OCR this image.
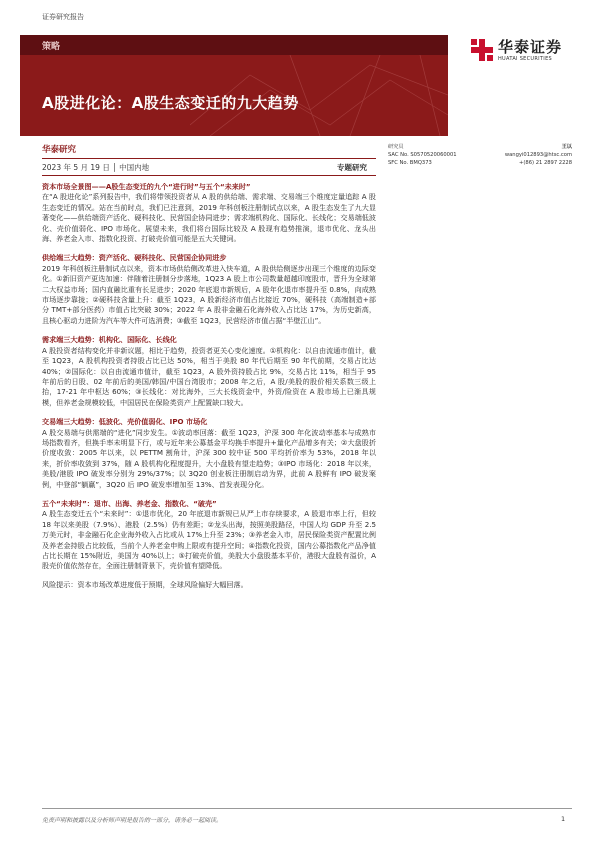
证券研究报告
华泰证券
HUATAI SECURITIES
策略
A股进化论：A股生态变迁的九大趋势
华泰研究
2023 年 5 月 19 日 │ 中国内地	专题研究
研究员	王以
SAC No. S0570520060001	wangyi012893@htsc.com
SFC No. BMQ373	+(86) 21 2897 2228

资本市场全景图——A股生态变迁的九个“进行时”与五个“未来时”

在“A 股进化论”系列报告中，我们将带领投资者从 A 股的供给端、需求端、交易端三个维度定量追踪 A 股生态变迁的情况。站在当前时点，我们已注意到，2019 年科创板注册制试点以来，A 股生态发生了九大显著变化——供给端资产活化、硬科技化、民营国企协同进步；需求端机构化、国际化、长线化；交易端低波化、壳价值弱化、IPO 市场化。展望未来，我们将台国际比较及 A 股现有趋势推演，退市优化、龙头出海、养老金入市、指数化投资、打破壳价值可能是五大关键词。

供给端三大趋势：资产活化、硬科技化、民营国企协同进步

2019 年科创板注册制试点以来，资本市场供给侧改革进入快车道，A 股供给侧逐步出现三个维度的边际变化。①新旧资产更迭加速：伴随着注册制分步落地，1Q23 A 股上市公司数量超越印度股市，晋升为全球第二大权益市场；国内直融比重有长足进步；2020 年底退市新规后，A 股年化退市率提升至 0.8%，向成熟市场逐步靠拢；②硬科技含量上升：截至 1Q23，A 股新经济市值占比接近 70%，硬科技（高端制造+部分 TMT+部分医药）市值占比突破 30%；2022 年 A 股非金融石化海外收入占比达 17%，为历史新高，且核心驱动力进阶为汽车等大件可选消费；③截至 1Q23，民营经济市值占据“半壁江山”。

需求端三大趋势：机构化、国际化、长线化

A 股投资者结构变化并非新议题，相比于趋势，投资者更关心变化速度。①机构化：以自由流通市值计，截至 1Q23，A 股机构投资者持股占比已达 50%，相当于美股 80 年代后期至 90 年代前期，交易占比达 40%；②国际化：以自由流通市值计，截至 1Q23，A 股外资持股占比 9%，交易占比 11%，相当于 95 年前后的日股、02 年前后的美国/韩国/中国台湾股市；2008 年之后，A 股/美股的股价相关系数三级上抬，17-21 年中枢达 60%；③长线化：对比海外，三大长线资金中，外资/险资在 A 股市场上已渐具规模，但养老金规模较低，中国居民在保险类资产上配置缺口较大。

交易端三大趋势：低波化、壳价值弱化、IPO 市场化

A 股交易端与供需端的“进化”同步发生。①波动率回落：截至 1Q23，沪深 300 年化波动率基本与成熟市场指数看齐，但换手率未明显下行，或与近年来公募基金平均换手率提升+量化产品增多有关；②大盘股折价度收敛：2005 年以来，以 PETTM 割角计，沪深 300 较中证 500 平均折价率为 53%，2018 年以来，折价率收敛到 37%，随 A 股机构化程度提升，大小盘股有望走趋势；③IPO 市场化：2018 年以来，美股/港股 IPO 破发率分别为 29%/37%；以 3Q20 创业板注册制启动为界，此前 A 股鲜有 IPO 破发案例，中登部“躺赢”，3Q20 后 IPO 破发率增加至 13%、首发表现分化。

五个“未来时”：退市、出海、养老金、指数化、“破壳”

A 股生态变迁五个“未来时”：①退市优化，20 年底退市新规已从严上市存续要求，A 股退市率上行，但较 18 年以来美股（7.9%）、港股（2.5%）仍有差距；②龙头出海，按照美股路径，中国人均 GDP 升至 2.5 万美元时，非金融石化企业海外收入占比或从 17%上升至 23%；③养老金入市，居民保险类资产配置比例及养老金持股占比较低，当前个人养老金申购上限或有提升空间；④指数化投资，国内公募指数化产品净值占比长期在 15%附近，美国为 40%以上；⑤打破壳价值，美股大小盘股基本平价，港股大盘股有溢价，A 股壳价值依然存在，全面注册制背景下，壳价值有望降低。

风险提示：资本市场改革进度低于预期，全球风险偏好大幅回落。

免责声明和披露以及分析师声明是报告的一部分，请务必一起阅读。	1
